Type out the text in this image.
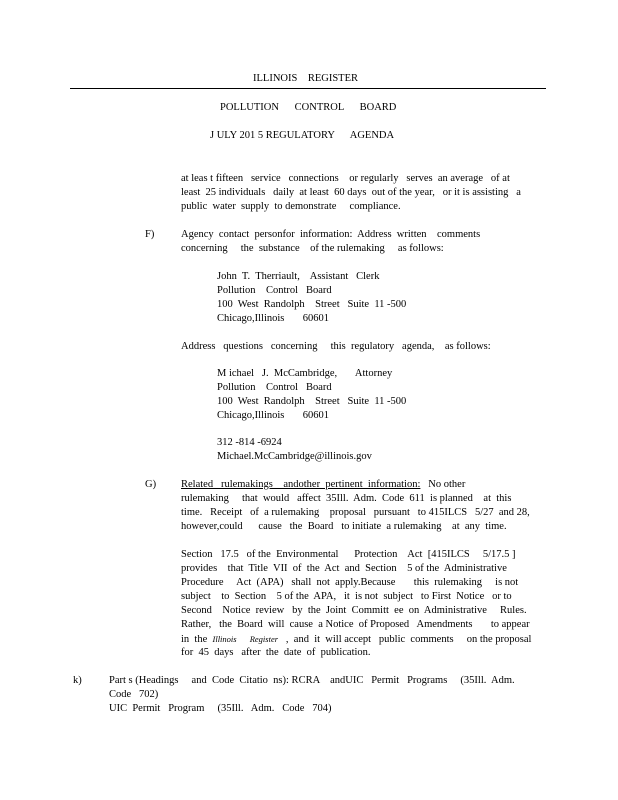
ILLINOIS    REGISTER
POLLUTION      CONTROL      BOARD
J ULY 201 5 REGULATORY      AGENDA
at leas t fifteen   service   connections    or regularly   serves  an average   of at
least  25 individuals   daily  at least  60 days  out of the year,   or it is assisting   a
public  water  supply  to demonstrate     compliance.
F)	Agency  contact  personfor  information:  Address  written    comments
concerning     the  substance    of the rulemaking     as follows:
John  T.  Therriault,    Assistant   Clerk
Pollution    Control   Board
100  West  Randolph    Street   Suite  11 -500
Chicago,Illinois       60601
Address   questions   concerning     this  regulatory   agenda,    as follows:
M ichael   J.  McCambridge,       Attorney
Pollution    Control   Board
100  West  Randolph    Street   Suite  11 -500
Chicago,Illinois       60601
312 -814 -6924
Michael.McCambridge@illinois.gov
G) Related   rulemakings    andother  pertinent  information:   No other
rulemaking     that  would   affect  35Ill.  Adm.  Code  611  is planned    at  this
time.   Receipt   of  a rulemaking    proposal   pursuant   to 415ILCS   5/27  and 28,
however,could      cause   the  Board   to initiate  a rulemaking    at  any  time.
Section   17.5   of the  Environmental      Protection    Act  [415ILCS     5/17.5 ]
provides    that  Title  VII  of  the  Act  and  Section    5 of the  Administrative
Procedure     Act  (APA)   shall  not  apply.Because       this  rulemaking     is not
subject    to  Section    5 of the  APA,   it  is not  subject   to First  Notice   or to
Second    Notice  review   by  the  Joint  Committ  ee  on  Administrative     Rules.
Rather,   the  Board  will  cause  a Notice  of Proposed   Amendments       to appear
in  the Illinois Register ,  and  it  will accept   public  comments     on the proposal
for  45  days   after  the  date  of  publication.
k)	Part s (Headings     and  Code  Citatio  ns): RCRA    andUIC   Permit   Programs     (35Ill.  Adm.
Code   702)
UIC  Permit   Program     (35Ill.   Adm.   Code   704)
